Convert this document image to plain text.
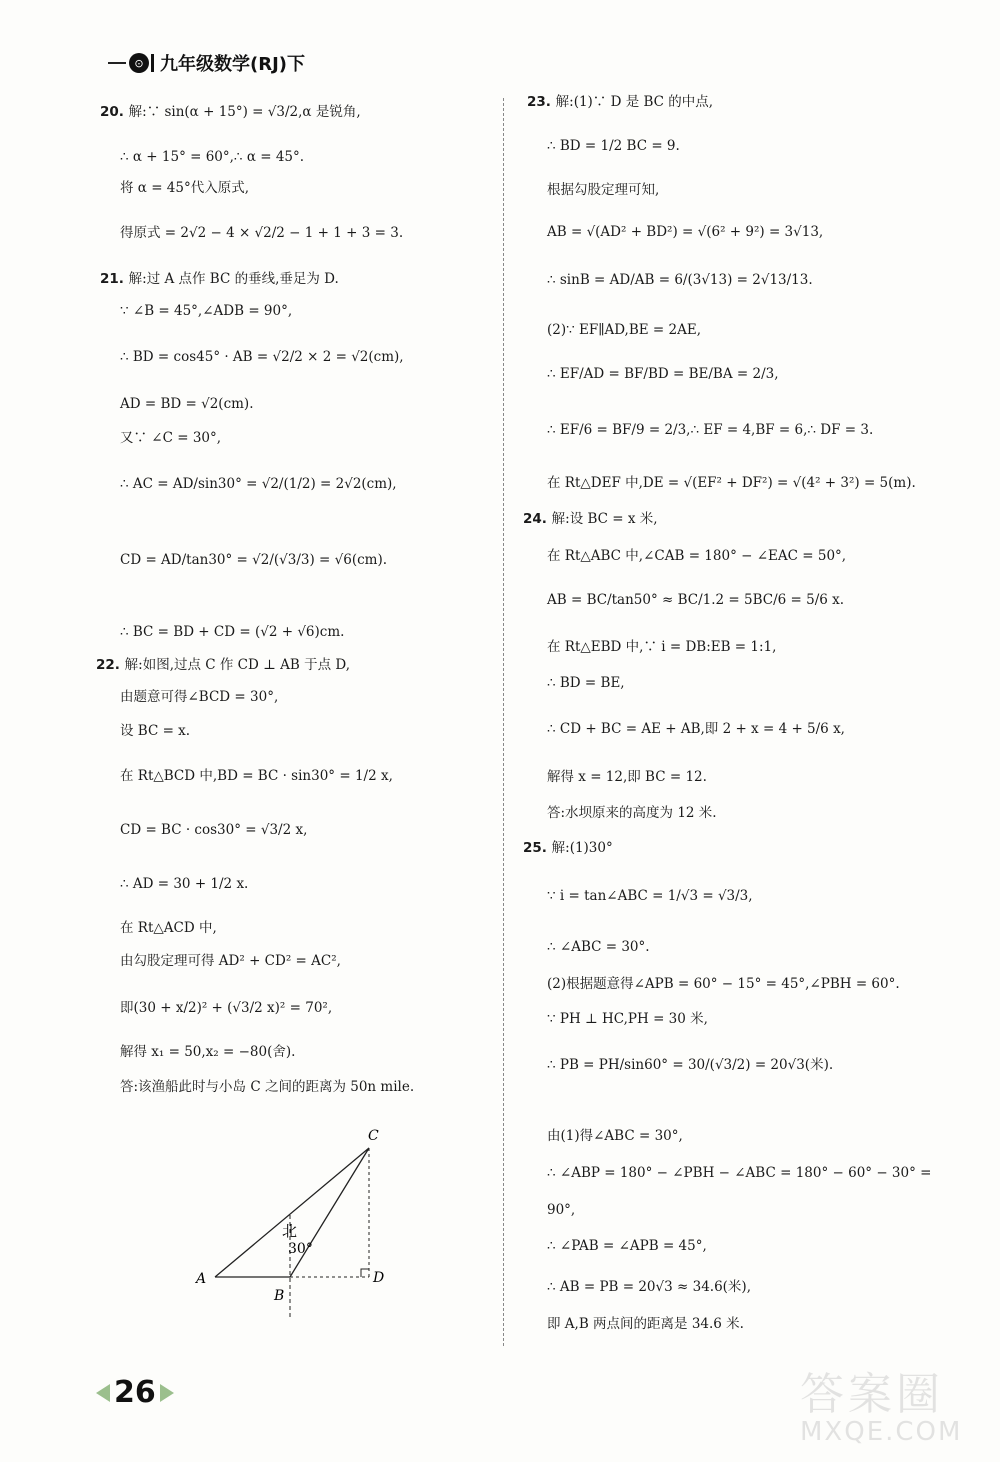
⊙ 九年级数学(RJ)下
20. 解:∵ sin(α + 15°) = √3/2,α 是锐角,
∴ α + 15° = 60°,∴ α = 45°.
将 α = 45°代入原式,
得原式 = 2√2 − 4 × √2/2 − 1 + 1 + 3 = 3.
21. 解:过 A 点作 BC 的垂线,垂足为 D.
∵ ∠B = 45°,∠ADB = 90°,
∴ BD = cos45° · AB = √2/2 × 2 = √2(cm),
AD = BD = √2(cm).
又∵ ∠C = 30°,
∴ AC = AD/sin30° = √2/(1/2) = 2√2(cm),
CD = AD/tan30° = √2/(√3/3) = √6(cm).
∴ BC = BD + CD = (√2 + √6)cm.
22. 解:如图,过点 C 作 CD ⊥ AB 于点 D,
由题意可得∠BCD = 30°,
设 BC = x.
在 Rt△BCD 中,BD = BC · sin30° = 1/2 x,
CD = BC · cos30° = √3/2 x,
∴ AD = 30 + 1/2 x.
在 Rt△ACD 中,
由勾股定理可得 AD² + CD² = AC²,
即(30 + x/2)² + (√3/2 x)² = 70²,
解得 x₁ = 50,x₂ = −80(舍).
答:该渔船此时与小岛 C 之间的距离为 50n mile.
23. 解:(1)∵ D 是 BC 的中点,
∴ BD = 1/2 BC = 9.
根据勾股定理可知,
AB = √(AD² + BD²) = √(6² + 9²) = 3√13,
∴ sinB = AD/AB = 6/(3√13) = 2√13/13.
(2)∵ EF∥AD,BE = 2AE,
∴ EF/AD = BF/BD = BE/BA = 2/3,
∴ EF/6 = BF/9 = 2/3,∴ EF = 4,BF = 6,∴ DF = 3.
在 Rt△DEF 中,DE = √(EF² + DF²) = √(4² + 3²) = 5(m).
24. 解:设 BC = x 米,
在 Rt△ABC 中,∠CAB = 180° − ∠EAC = 50°,
AB = BC/tan50° ≈ BC/1.2 = 5BC/6 = 5/6 x.
在 Rt△EBD 中,∵ i = DB:EB = 1:1,
∴ BD = BE,
∴ CD + BC = AE + AB,即 2 + x = 4 + 5/6 x,
解得 x = 12,即 BC = 12.
答:水坝原来的高度为 12 米.
25. 解:(1)30°
∵ i = tan∠ABC = 1/√3 = √3/3,
∴ ∠ABC = 30°.
(2)根据题意得∠APB = 60° − 15° = 45°,∠PBH = 60°.
∵ PH ⊥ HC,PH = 30 米,
∴ PB = PH/sin60° = 30/(√3/2) = 20√3(米).
由(1)得∠ABC = 30°,
∴ ∠ABP = 180° − ∠PBH − ∠ABC = 180° − 60° − 30° =
90°,
∴ ∠PAB = ∠APB = 45°,
∴ AB = PB = 20√3 ≈ 34.6(米),
即 A,B 两点间的距离是 34.6 米.
A
B
C
D
北
30°
26	答案圈
MXQE.COM
